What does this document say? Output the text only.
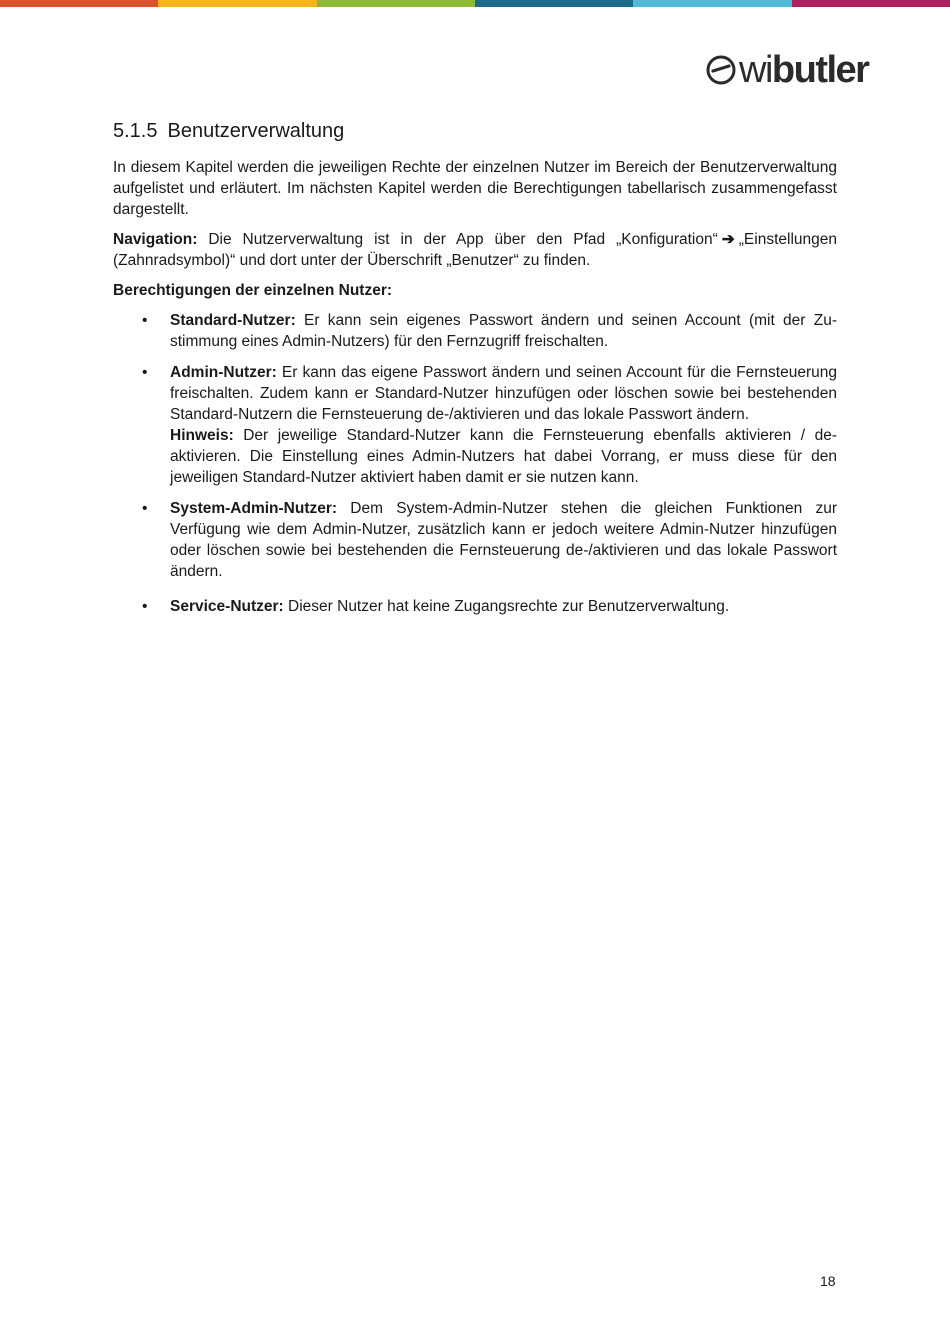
wibutler
5.1.5 Benutzerverwaltung

In diesem Kapitel werden die jeweiligen Rechte der einzelnen Nutzer im Bereich der Benutzerverwaltung aufgelistet und erläutert. Im nächsten Kapitel werden die Berechtigungen tabellarisch zusammengefasst dargestellt.

Navigation: Die Nutzerverwaltung ist in der App über den Pfad „Konfiguration“ ➔ „Einstellungen (Zahnradsymbol)“ und dort unter der Überschrift „Benutzer“ zu finden.

Berechtigungen der einzelnen Nutzer:

• Standard-Nutzer: Er kann sein eigenes Passwort ändern und seinen Account (mit der Zustimmung eines Admin-Nutzers) für den Fernzugriff freischalten.
• Admin-Nutzer: Er kann das eigene Passwort ändern und seinen Account für die Fernsteuerung freischalten. Zudem kann er Standard-Nutzer hinzufügen oder löschen sowie bei bestehenden Standard-Nutzern die Fernsteuerung de-/aktivieren und das lokale Passwort ändern.
Hinweis: Der jeweilige Standard-Nutzer kann die Fernsteuerung ebenfalls aktivieren / deaktivieren. Die Einstellung eines Admin-Nutzers hat dabei Vorrang, er muss diese für den jeweiligen Standard-Nutzer aktiviert haben damit er sie nutzen kann.
• System-Admin-Nutzer: Dem System-Admin-Nutzer stehen die gleichen Funktionen zur Verfügung wie dem Admin-Nutzer, zusätzlich kann er jedoch weitere Admin-Nutzer hinzufügen oder löschen sowie bei bestehenden die Fernsteuerung de-/aktivieren und das lokale Passwort ändern.
• Service-Nutzer: Dieser Nutzer hat keine Zugangsrechte zur Benutzerverwaltung.
18
